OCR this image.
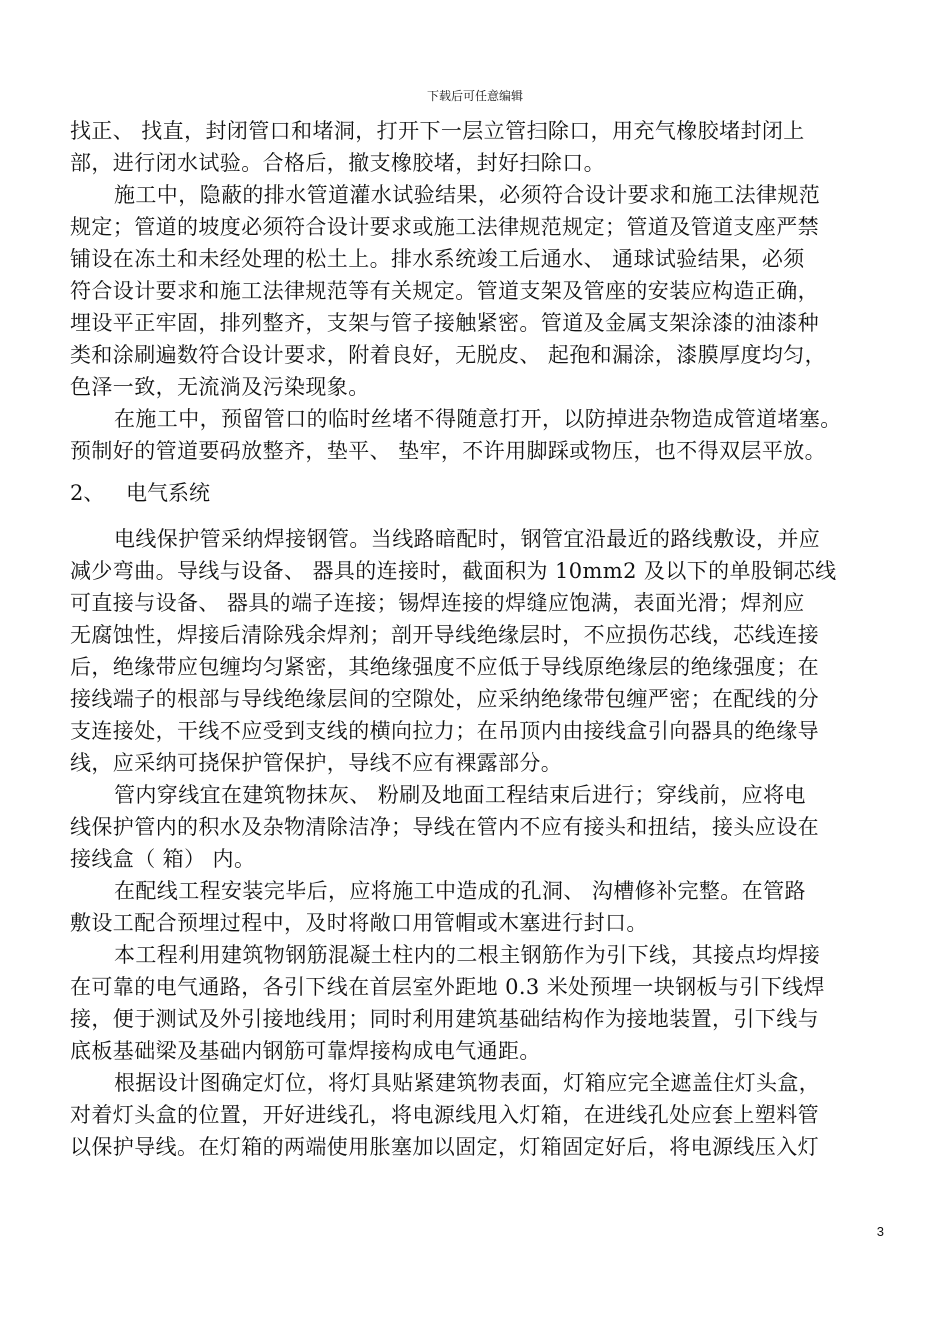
下载后可任意编辑
找正、 找直，封闭管口和堵洞，打开下一层立管扫除口，用充气橡胶堵封闭上
部，进行闭水试验。合格后，撤支橡胶堵，封好扫除口。
施工中，隐蔽的排水管道灌水试验结果，必须符合设计要求和施工法律规范
规定；管道的坡度必须符合设计要求或施工法律规范规定；管道及管道支座严禁
铺设在冻土和未经处理的松土上。排水系统竣工后通水、 通球试验结果，必须
符合设计要求和施工法律规范等有关规定。管道支架及管座的安装应构造正确，
埋设平正牢固，排列整齐，支架与管子接触紧密。管道及金属支架涂漆的油漆种
类和涂刷遍数符合设计要求，附着良好，无脱皮、 起孢和漏涂，漆膜厚度均匀，
色泽一致，无流淌及污染现象。
在施工中，预留管口的临时丝堵不得随意打开，以防掉进杂物造成管道堵塞。
预制好的管道要码放整齐，垫平、 垫牢，不许用脚踩或物压，也不得双层平放。
2、 电气系统
电线保护管采纳焊接钢管。当线路暗配时，钢管宜沿最近的路线敷设，并应
减少弯曲。导线与设备、 器具的连接时，截面积为 10mm2 及以下的单股铜芯线
可直接与设备、 器具的端子连接；锡焊连接的焊缝应饱满，表面光滑；焊剂应
无腐蚀性，焊接后清除残余焊剂；剖开导线绝缘层时，不应损伤芯线，芯线连接
后，绝缘带应包缠均匀紧密，其绝缘强度不应低于导线原绝缘层的绝缘强度；在
接线端子的根部与导线绝缘层间的空隙处，应采纳绝缘带包缠严密；在配线的分
支连接处，干线不应受到支线的横向拉力；在吊顶内由接线盒引向器具的绝缘导
线，应采纳可挠保护管保护，导线不应有裸露部分。
管内穿线宜在建筑物抹灰、 粉刷及地面工程结束后进行；穿线前，应将电
线保护管内的积水及杂物清除洁净；导线在管内不应有接头和扭结，接头应设在
接线盒（ 箱） 内。
在配线工程安装完毕后，应将施工中造成的孔洞、 沟槽修补完整。在管路
敷设工配合预埋过程中，及时将敞口用管帽或木塞进行封口。
本工程利用建筑物钢筋混凝土柱内的二根主钢筋作为引下线，其接点均焊接
在可靠的电气通路，各引下线在首层室外距地 0.3 米处预埋一块钢板与引下线焊
接，便于测试及外引接地线用；同时利用建筑基础结构作为接地装置，引下线与
底板基础梁及基础内钢筋可靠焊接构成电气通距。
根据设计图确定灯位，将灯具贴紧建筑物表面，灯箱应完全遮盖住灯头盒，
对着灯头盒的位置，开好进线孔，将电源线甩入灯箱，在进线孔处应套上塑料管
以保护导线。在灯箱的两端使用胀塞加以固定，灯箱固定好后，将电源线压入灯
3
